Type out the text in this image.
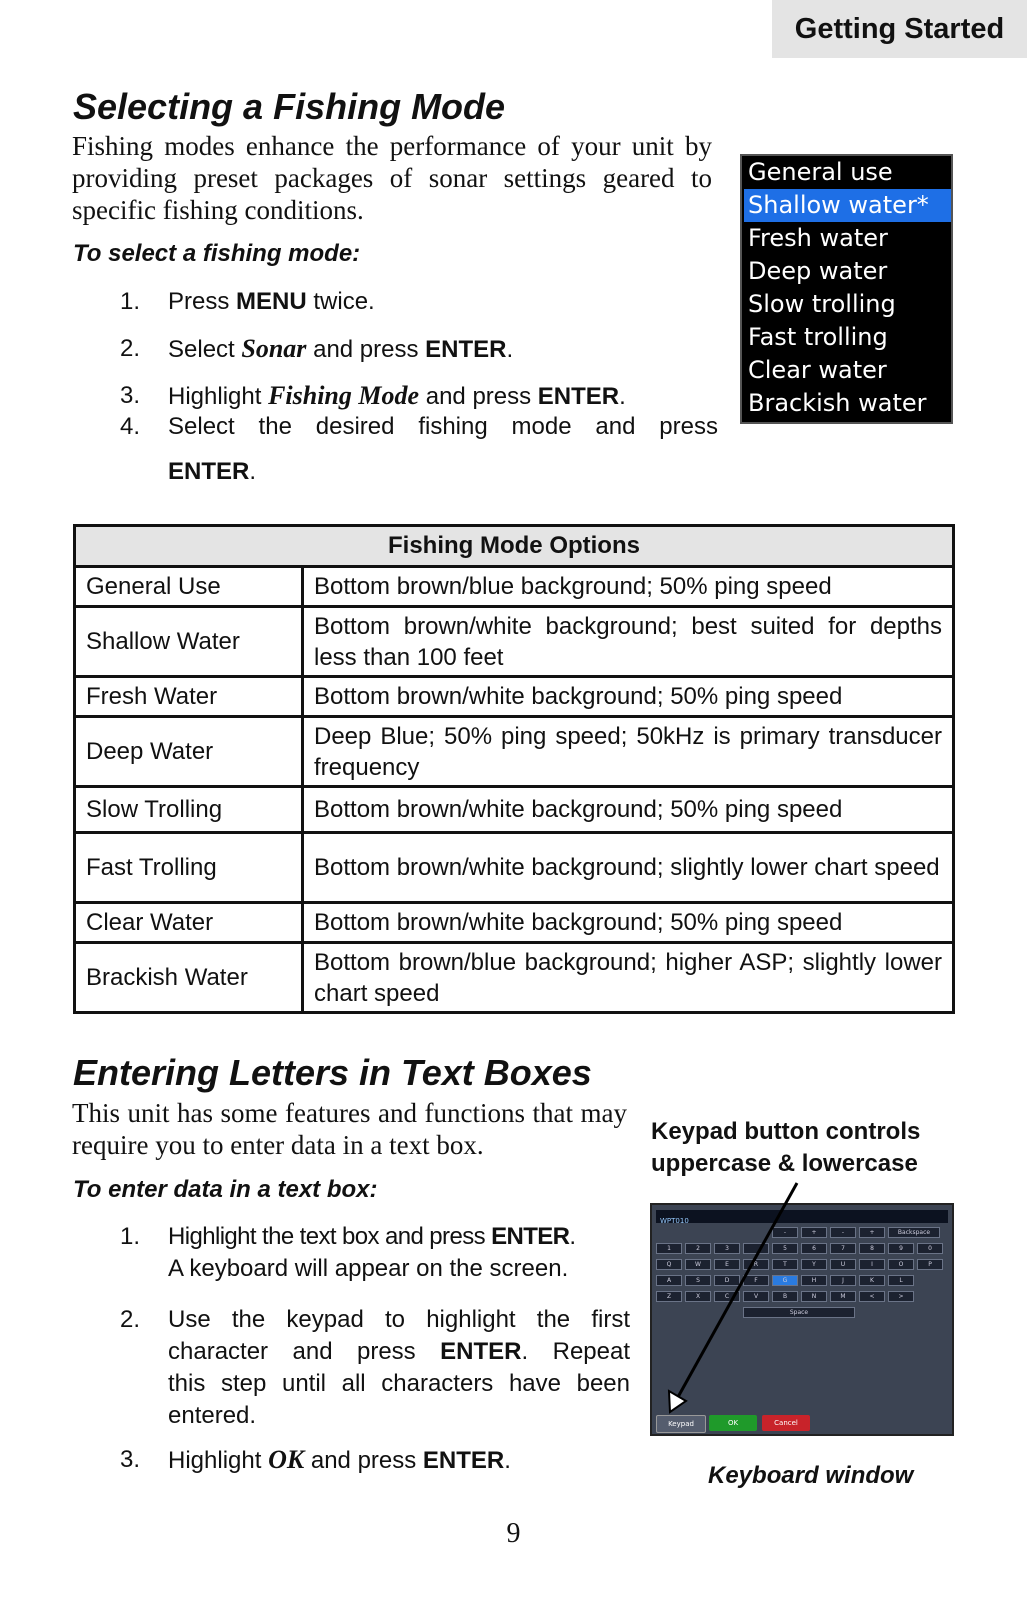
Getting Started
Selecting a Fishing Mode
Fishing modes enhance the performance of your unit by providing preset packages of sonar settings geared to specific fishing conditions.
To select a fishing mode:
1. Press MENU twice.
2. Select Sonar and press ENTER.
3. Highlight Fishing Mode and press ENTER.
4. Select the desired fishing mode and press
ENTER.
General use
Shallow water*
Fresh water
Deep water
Slow trolling
Fast trolling
Clear water
Brackish water
Fishing Mode Options	
General Use	Bottom brown/blue background; 50% ping speed
Shallow Water	Bottom brown/white background; best suited for depths less than 100 feet
Fresh Water	Bottom brown/white background; 50% ping speed
Deep Water	Deep Blue; 50% ping speed; 50kHz is primary transducer frequency
Slow Trolling	Bottom brown/white background; 50% ping speed
Fast Trolling	Bottom brown/white background; slightly lower chart speed
Clear Water	Bottom brown/white background; 50% ping speed
Brackish Water	Bottom brown/blue background; higher ASP; slightly lower chart speed
Entering Letters in Text Boxes
This unit has some features and functions that may require you to enter data in a text box.
To enter data in a text box:
1. Highlight the text box and press ENTER.
A keyboard will appear on the screen.
2. Use the keypad to highlight the first
character and press ENTER. Repeat
this step until all characters have been
entered.
3. Highlight OK and press ENTER.
Keypad button controls
uppercase & lowercase
WPT010
-	+	-	+	Backspace
1	2	3	5	6	7	8	9	0
Q	W	E	R	T	Y	U	I	O	P
A	S	D	F	G	H	J	K	L
Z	X	C	V	B	N	M	<	>
Space
Keypad	OK	Cancel
Keyboard window
9
